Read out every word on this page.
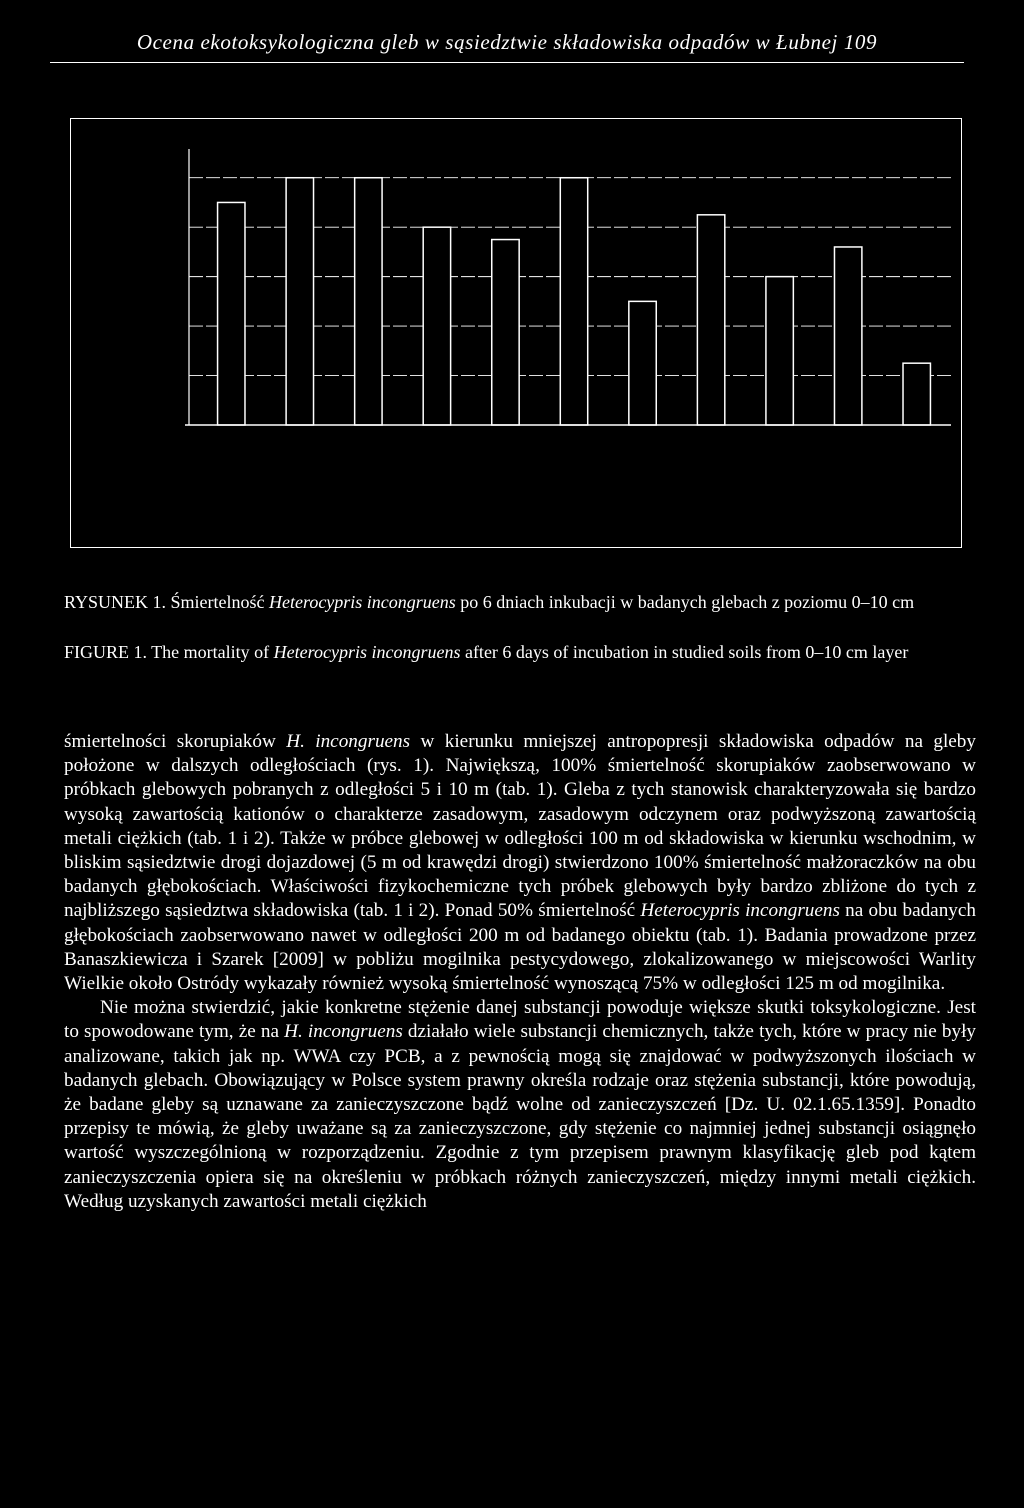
Ocena ekotoksykologiczna gleb w sąsiedztwie składowiska odpadów w Łubnej 109
RYSUNEK 1. Śmiertelność Heterocypris incongruens po 6 dniach inkubacji w badanych glebach z poziomu 0–10 cm
FIGURE 1. The mortality of Heterocypris incongruens after 6 days of incubation in studied soils from 0–10 cm layer

śmiertelności skorupiaków H. incongruens w kierunku mniejszej antropopresji składowiska odpadów na gleby położone w dalszych odległościach (rys. 1). Największą, 100% śmiertelność skorupiaków zaobserwowano w próbkach glebowych pobranych z odległości 5 i 10 m (tab. 1). Gleba z tych stanowisk charakteryzowała się bardzo wysoką zawartością kationów o charakterze zasadowym, zasadowym odczynem oraz podwyższoną zawartością metali ciężkich (tab. 1 i 2). Także w próbce glebowej w odległości 100 m od składowiska w kierunku wschodnim, w bliskim sąsiedztwie drogi dojazdowej (5 m od krawędzi drogi) stwierdzono 100% śmiertelność małżoraczków na obu badanych głębokościach. Właściwości fizykochemiczne tych próbek glebowych były bardzo zbliżone do tych z najbliższego sąsiedztwa składowiska (tab. 1 i 2). Ponad 50% śmiertelność Heterocypris incongruens na obu badanych głębokościach zaobserwowano nawet w odległości 200 m od badanego obiektu (tab. 1). Badania prowadzone przez Banaszkiewicza i Szarek [2009] w pobliżu mogilnika pestycydowego, zlokalizowanego w miejscowości Warlity Wielkie około Ostródy wykazały również wysoką śmiertelność wynoszącą 75% w odległości 125 m od mogilnika.

Nie można stwierdzić, jakie konkretne stężenie danej substancji powoduje większe skutki toksykologiczne. Jest to spowodowane tym, że na H. incongruens działało wiele substancji chemicznych, także tych, które w pracy nie były analizowane, takich jak np. WWA czy PCB, a z pewnością mogą się znajdować w podwyższonych ilościach w badanych glebach. Obowiązujący w Polsce system prawny określa rodzaje oraz stężenia substancji, które powodują, że badane gleby są uznawane za zanieczyszczone bądź wolne od zanieczyszczeń [Dz. U. 02.1.65.1359]. Ponadto przepisy te mówią, że gleby uważane są za zanieczyszczone, gdy stężenie co najmniej jednej substancji osiągnęło wartość wyszczególnioną w rozporządzeniu. Zgodnie z tym przepisem prawnym klasyfikację gleb pod kątem zanieczyszczenia opiera się na określeniu w próbkach różnych zanieczyszczeń, między innymi metali ciężkich. Według uzyskanych zawartości metali ciężkich
